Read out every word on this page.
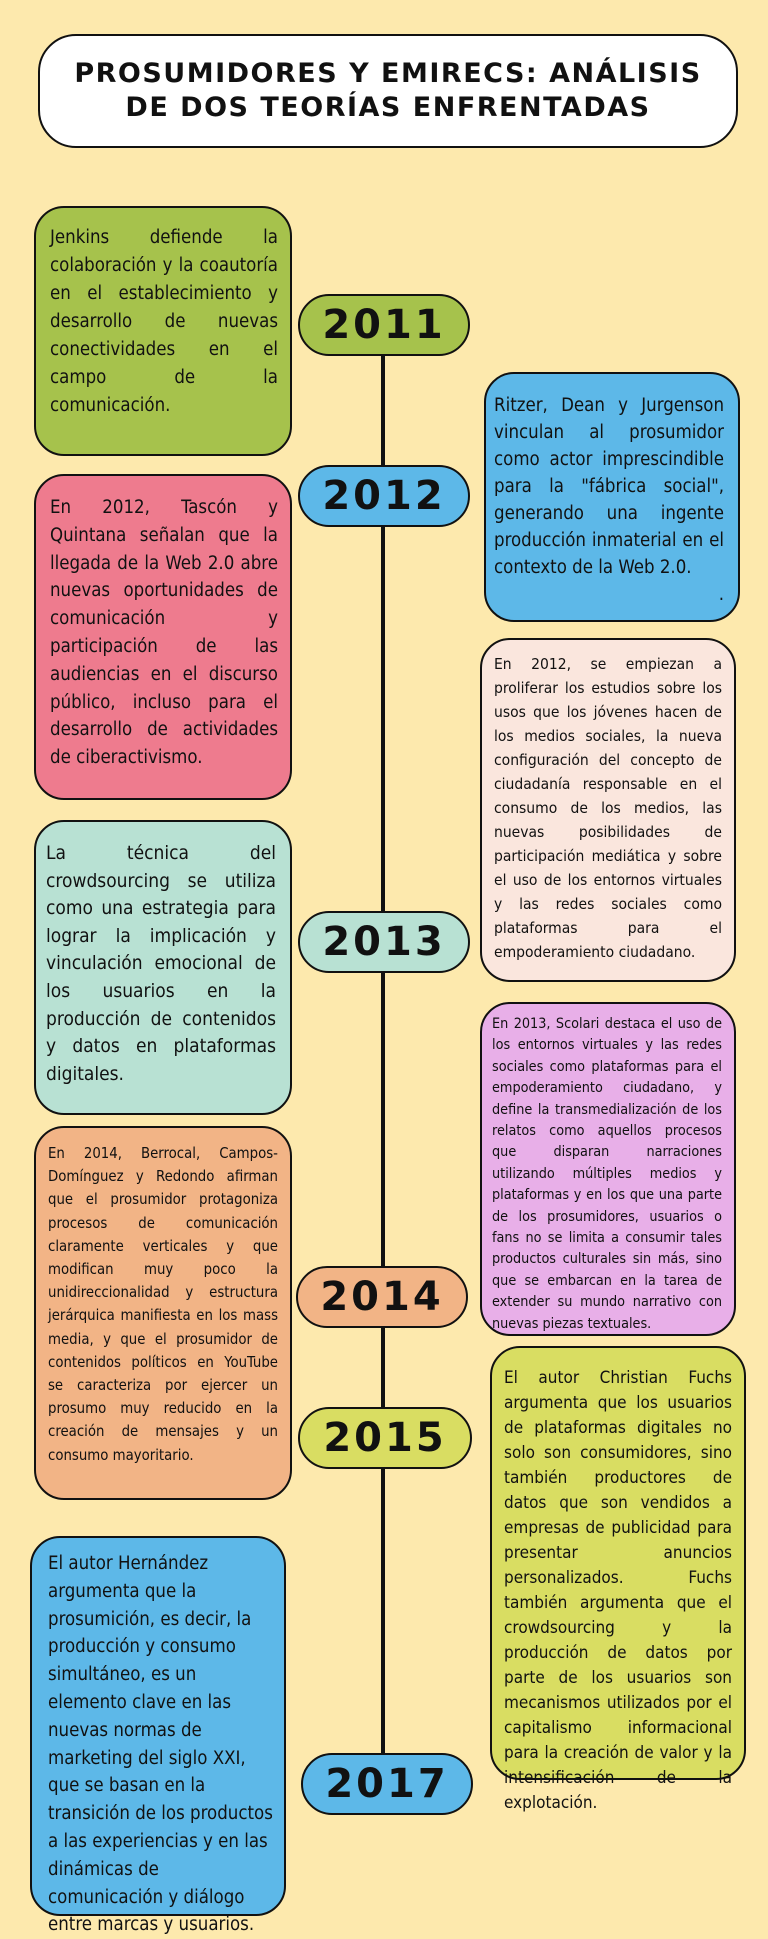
PROSUMIDORES Y EMIRECS: ANÁLISIS DE DOS TEORÍAS ENFRENTADAS
2011
2012
2013
2014
2015
2017

Jenkins defiende la colaboración y la coautoría en el establecimiento y desarrollo de nuevas conectividades en el campo de la comunicación.

En 2012, Tascón y Quintana señalan que la llegada de la Web 2.0 abre nuevas oportunidades de comunicación y participación de las audiencias en el discurso público, incluso para el desarrollo de actividades de ciberactivismo.

La técnica del crowdsourcing se utiliza como una estrategia para lograr la implicación y vinculación emocional de los usuarios en la producción de contenidos y datos en plataformas digitales.

En 2014, Berrocal, Campos-Domínguez y Redondo afirman que el prosumidor protagoniza procesos de comunicación claramente verticales y que modifican muy poco la unidireccionalidad y estructura jerárquica manifiesta en los mass media, y que el prosumidor de contenidos políticos en YouTube se caracteriza por ejercer un prosumo muy reducido en la creación de mensajes y un consumo mayoritario.

El autor Hernández argumenta que la prosumición, es decir, la producción y consumo simultáneo, es un elemento clave en las nuevas normas de marketing del siglo XXI, que se basan en la transición de los productos a las experiencias y en las dinámicas de comunicación y diálogo entre marcas y usuarios.

Ritzer, Dean y Jurgenson vinculan al prosumidor como actor imprescindible para la "fábrica social", generando una ingente producción inmaterial en el contexto de la Web 2.0.

.

En 2012, se empiezan a proliferar los estudios sobre los usos que los jóvenes hacen de los medios sociales, la nueva configuración del concepto de ciudadanía responsable en el consumo de los medios, las nuevas posibilidades de participación mediática y sobre el uso de los entornos virtuales y las redes sociales como plataformas para el empoderamiento ciudadano.

En 2013, Scolari destaca el uso de los entornos virtuales y las redes sociales como plataformas para el empoderamiento ciudadano, y define la transmedialización de los relatos como aquellos procesos que disparan narraciones utilizando múltiples medios y plataformas y en los que una parte de los prosumidores, usuarios o fans no se limita a consumir tales productos culturales sin más, sino que se embarcan en la tarea de extender su mundo narrativo con nuevas piezas textuales.

El autor Christian Fuchs argumenta que los usuarios de plataformas digitales no solo son consumidores, sino también productores de datos que son vendidos a empresas de publicidad para presentar anuncios personalizados. Fuchs también argumenta que el crowdsourcing y la producción de datos por parte de los usuarios son mecanismos utilizados por el capitalismo informacional para la creación de valor y la intensificación de la explotación.
